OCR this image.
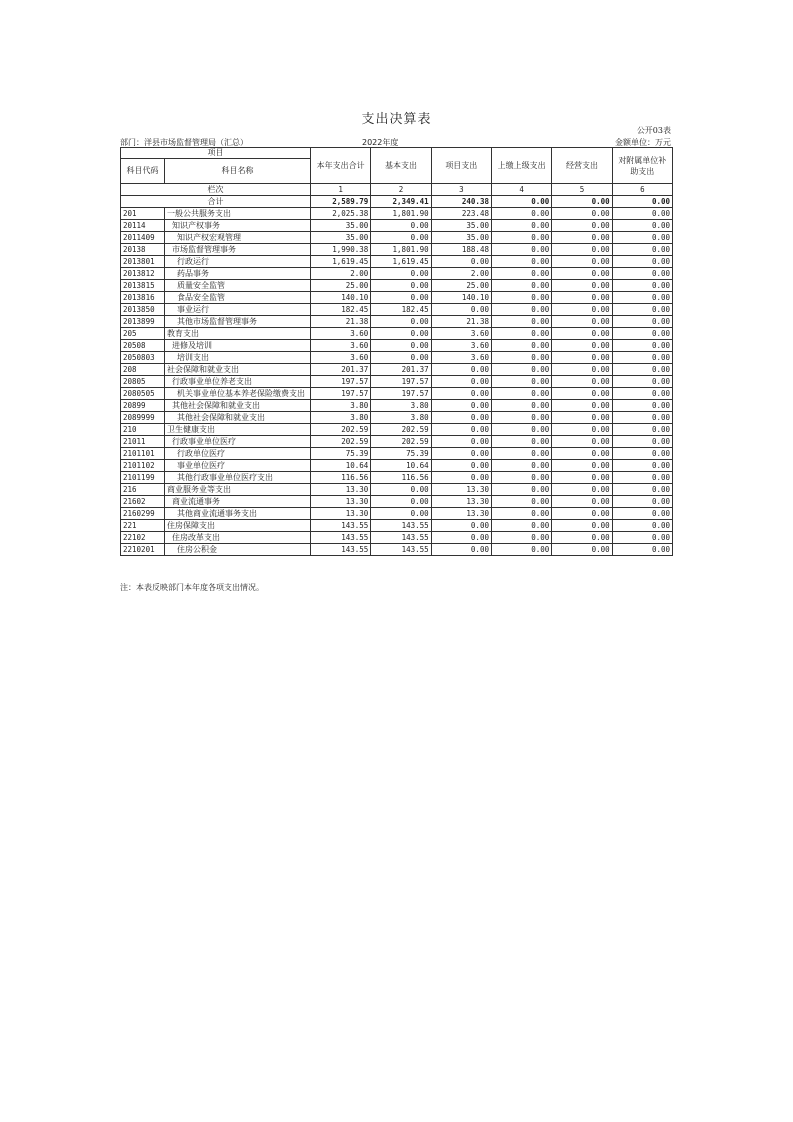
支出决算表
公开03表
部门：洋县市场监督管理局（汇总）	2022年度	金额单位：万元
项目		本年支出合计	基本支出	项目支出	上缴上级支出	经营支出	对附属单位补助支出
科目代码	科目名称						
栏次		1	2	3	4	5	6
合计		2,589.79	2,349.41	240.38	0.00	0.00	0.00
201	一般公共服务支出	2,025.38	1,801.90	223.48	0.00	0.00	0.00
20114	知识产权事务	35.00	0.00	35.00	0.00	0.00	0.00
2011409	知识产权宏观管理	35.00	0.00	35.00	0.00	0.00	0.00
20138	市场监督管理事务	1,990.38	1,801.90	188.48	0.00	0.00	0.00
2013801	行政运行	1,619.45	1,619.45	0.00	0.00	0.00	0.00
2013812	药品事务	2.00	0.00	2.00	0.00	0.00	0.00
2013815	质量安全监管	25.00	0.00	25.00	0.00	0.00	0.00
2013816	食品安全监管	140.10	0.00	140.10	0.00	0.00	0.00
2013850	事业运行	182.45	182.45	0.00	0.00	0.00	0.00
2013899	其他市场监督管理事务	21.38	0.00	21.38	0.00	0.00	0.00
205	教育支出	3.60	0.00	3.60	0.00	0.00	0.00
20508	进修及培训	3.60	0.00	3.60	0.00	0.00	0.00
2050803	培训支出	3.60	0.00	3.60	0.00	0.00	0.00
208	社会保障和就业支出	201.37	201.37	0.00	0.00	0.00	0.00
20805	行政事业单位养老支出	197.57	197.57	0.00	0.00	0.00	0.00
2080505	机关事业单位基本养老保险缴费支出	197.57	197.57	0.00	0.00	0.00	0.00
20899	其他社会保障和就业支出	3.80	3.80	0.00	0.00	0.00	0.00
2089999	其他社会保障和就业支出	3.80	3.80	0.00	0.00	0.00	0.00
210	卫生健康支出	202.59	202.59	0.00	0.00	0.00	0.00
21011	行政事业单位医疗	202.59	202.59	0.00	0.00	0.00	0.00
2101101	行政单位医疗	75.39	75.39	0.00	0.00	0.00	0.00
2101102	事业单位医疗	10.64	10.64	0.00	0.00	0.00	0.00
2101199	其他行政事业单位医疗支出	116.56	116.56	0.00	0.00	0.00	0.00
216	商业服务业等支出	13.30	0.00	13.30	0.00	0.00	0.00
21602	商业流通事务	13.30	0.00	13.30	0.00	0.00	0.00
2160299	其他商业流通事务支出	13.30	0.00	13.30	0.00	0.00	0.00
221	住房保障支出	143.55	143.55	0.00	0.00	0.00	0.00
22102	住房改革支出	143.55	143.55	0.00	0.00	0.00	0.00
2210201	住房公积金	143.55	143.55	0.00	0.00	0.00	0.00
注：本表反映部门本年度各项支出情况。
